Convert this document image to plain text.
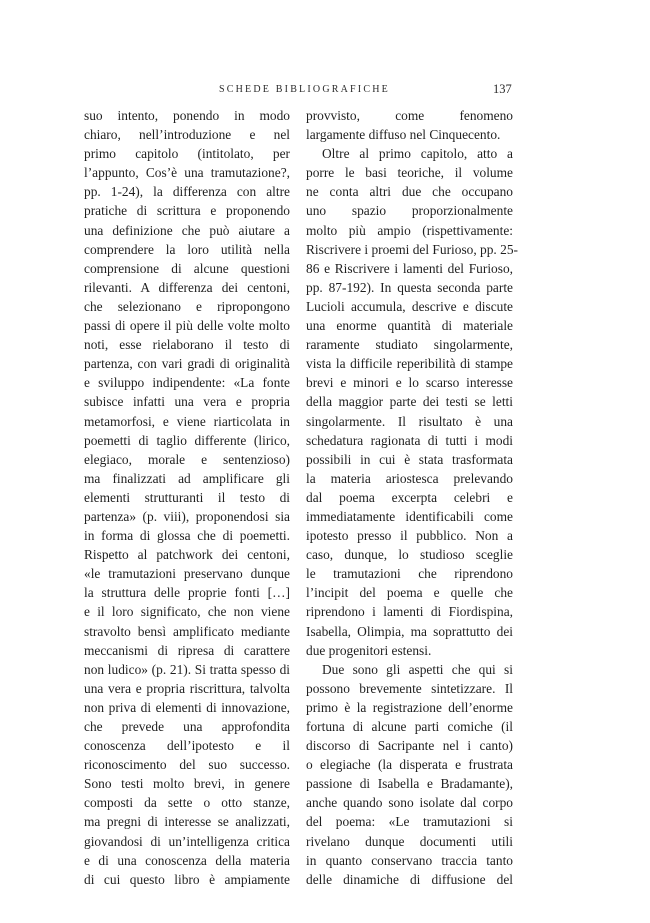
SCHEDE BIBLIOGRAFICHE	137
suo intento, ponendo in modo
chiaro, nell’introduzione e nel
primo capitolo (intitolato, per
l’appunto, Cos’è una tramutazione?,
pp. 1-24), la differenza con altre
pratiche di scrittura e proponendo
una definizione che può aiutare a
comprendere la loro utilità nella
comprensione di alcune questioni
rilevanti. A differenza dei centoni,
che selezionano e ripropongono
passi di opere il più delle volte molto
noti, esse rielaborano il testo di
partenza, con vari gradi di originalità
e sviluppo indipendente: «La fonte
subisce infatti una vera e propria
metamorfosi, e viene riarticolata in
poemetti di taglio differente (lirico,
elegiaco, morale e sentenzioso)
ma finalizzati ad amplificare gli
elementi strutturanti il testo di
partenza» (p. viii), proponendosi sia
in forma di glossa che di poemetti.
Rispetto al patchwork dei centoni,
«le tramutazioni preservano dunque
la struttura delle proprie fonti […]
e il loro significato, che non viene
stravolto bensì amplificato mediante
meccanismi di ripresa di carattere
non ludico» (p. 21). Si tratta spesso di
una vera e propria riscrittura, talvolta
non priva di elementi di innovazione,
che prevede una approfondita
conoscenza dell’ipotesto e il
riconoscimento del suo successo.
Sono testi molto brevi, in genere
composti da sette o otto stanze,
ma pregni di interesse se analizzati,
giovandosi di un’intelligenza critica
e di una conoscenza della materia
di cui questo libro è ampiamente
provvisto, come fenomeno
largamente diffuso nel Cinquecento.
Oltre al primo capitolo, atto a
porre le basi teoriche, il volume
ne conta altri due che occupano
uno spazio proporzionalmente
molto più ampio (rispettivamente:
Riscrivere i proemi del Furioso, pp. 25-
86 e Riscrivere i lamenti del Furioso,
pp. 87-192). In questa seconda parte
Lucioli accumula, descrive e discute
una enorme quantità di materiale
raramente studiato singolarmente,
vista la difficile reperibilità di stampe
brevi e minori e lo scarso interesse
della maggior parte dei testi se letti
singolarmente. Il risultato è una
schedatura ragionata di tutti i modi
possibili in cui è stata trasformata
la materia ariostesca prelevando
dal poema excerpta celebri e
immediatamente identificabili come
ipotesto presso il pubblico. Non a
caso, dunque, lo studioso sceglie
le tramutazioni che riprendono
l’incipit del poema e quelle che
riprendono i lamenti di Fiordispina,
Isabella, Olimpia, ma soprattutto dei
due progenitori estensi.
Due sono gli aspetti che qui si
possono brevemente sintetizzare. Il
primo è la registrazione dell’enorme
fortuna di alcune parti comiche (il
discorso di Sacripante nel i canto)
o elegiache (la disperata e frustrata
passione di Isabella e Bradamante),
anche quando sono isolate dal corpo
del poema: «Le tramutazioni si
rivelano dunque documenti utili
in quanto conservano traccia tanto
delle dinamiche di diffusione del
